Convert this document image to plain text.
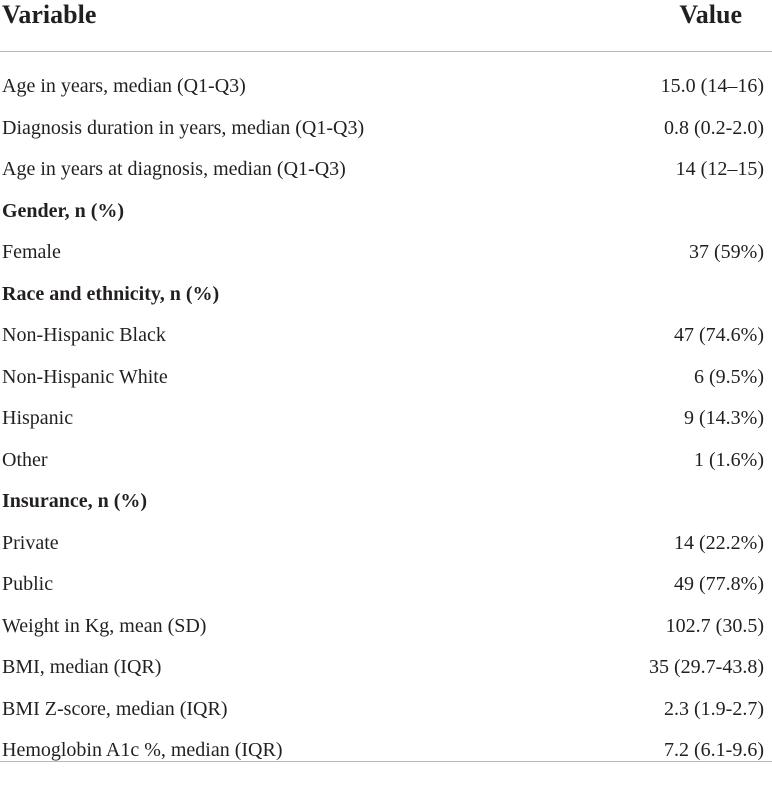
Variable	Value
Age in years, median (Q1-Q3)	15.0 (14–16)
Diagnosis duration in years, median (Q1-Q3)	0.8 (0.2-2.0)
Age in years at diagnosis, median (Q1-Q3)	14 (12–15)
Gender, n (%)
Female	37 (59%)
Race and ethnicity, n (%)
Non-Hispanic Black	47 (74.6%)
Non-Hispanic White	6 (9.5%)
Hispanic	9 (14.3%)
Other	1 (1.6%)
Insurance, n (%)
Private	14 (22.2%)
Public	49 (77.8%)
Weight in Kg, mean (SD)	102.7 (30.5)
BMI, median (IQR)	35 (29.7-43.8)
BMI Z-score, median (IQR)	2.3 (1.9-2.7)
Hemoglobin A1c %, median (IQR)	7.2 (6.1-9.6)
